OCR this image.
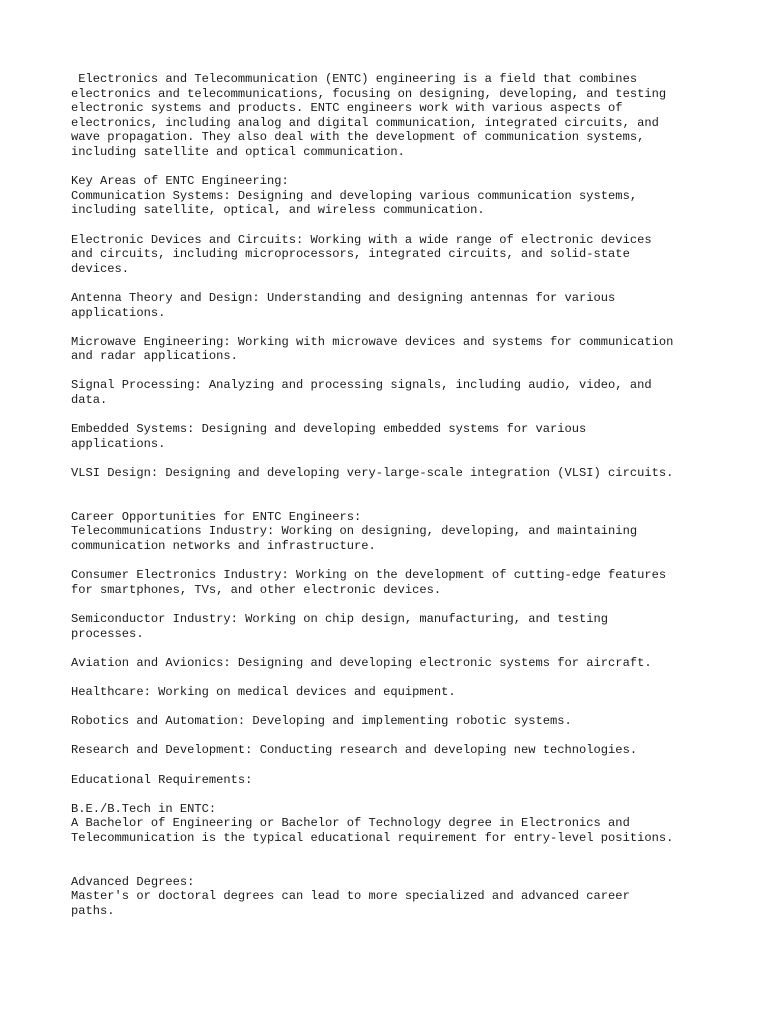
Electronics and Telecommunication (ENTC) engineering is a field that combines
electronics and telecommunications, focusing on designing, developing, and testing
electronic systems and products. ENTC engineers work with various aspects of
electronics, including analog and digital communication, integrated circuits, and
wave propagation. They also deal with the development of communication systems,
including satellite and optical communication.
Key Areas of ENTC Engineering:
Communication Systems: Designing and developing various communication systems,
including satellite, optical, and wireless communication.
Electronic Devices and Circuits: Working with a wide range of electronic devices
and circuits, including microprocessors, integrated circuits, and solid-state
devices.
Antenna Theory and Design: Understanding and designing antennas for various
applications.
Microwave Engineering: Working with microwave devices and systems for communication
and radar applications.
Signal Processing: Analyzing and processing signals, including audio, video, and
data.
Embedded Systems: Designing and developing embedded systems for various
applications.
VLSI Design: Designing and developing very-large-scale integration (VLSI) circuits.
Career Opportunities for ENTC Engineers:
Telecommunications Industry: Working on designing, developing, and maintaining
communication networks and infrastructure.
Consumer Electronics Industry: Working on the development of cutting-edge features
for smartphones, TVs, and other electronic devices.
Semiconductor Industry: Working on chip design, manufacturing, and testing
processes.
Aviation and Avionics: Designing and developing electronic systems for aircraft.
Healthcare: Working on medical devices and equipment.
Robotics and Automation: Developing and implementing robotic systems.
Research and Development: Conducting research and developing new technologies.
Educational Requirements:
B.E./B.Tech in ENTC:
A Bachelor of Engineering or Bachelor of Technology degree in Electronics and
Telecommunication is the typical educational requirement for entry-level positions.
Advanced Degrees:
Master's or doctoral degrees can lead to more specialized and advanced career
paths.
